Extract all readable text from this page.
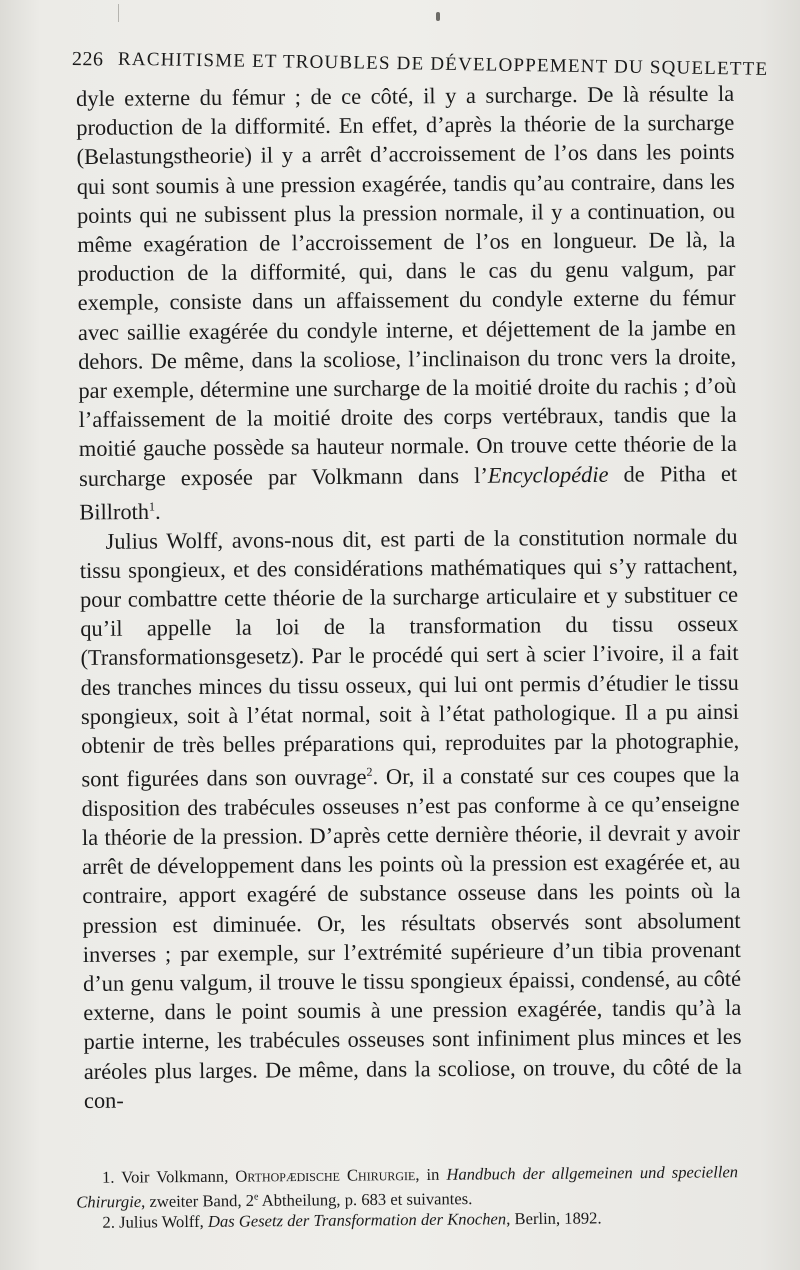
226 RACHITISME ET TROUBLES DE DÉVELOPPEMENT DU SQUELETTE

dyle externe du fémur ; de ce côté, il y a surcharge. De là résulte la production de la difformité. En effet, d’après la théorie de la surcharge (Belastungstheorie) il y a arrêt d’accroissement de l’os dans les points qui sont soumis à une pression exagérée, tandis qu’au contraire, dans les points qui ne subissent plus la pression normale, il y a continuation, ou même exagération de l’accroissement de l’os en longueur. De là, la production de la difformité, qui, dans le cas du genu valgum, par exemple, consiste dans un affaissement du condyle externe du fémur avec saillie exagérée du condyle interne, et déjettement de la jambe en dehors. De même, dans la scoliose, l’inclinaison du tronc vers la droite, par exemple, détermine une surcharge de la moitié droite du rachis ; d’où l’affaissement de la moitié droite des corps vertébraux, tandis que la moitié gauche possède sa hauteur normale. On trouve cette théorie de la surcharge exposée par Volkmann dans l’Encyclopédie de Pitha et Billroth$^1$.

Julius Wolff, avons-nous dit, est parti de la constitution normale du tissu spongieux, et des considérations mathématiques qui s’y rattachent, pour combattre cette théorie de la surcharge articulaire et y substituer ce qu’il appelle la loi de la transformation du tissu osseux (Transformationsgesetz). Par le procédé qui sert à scier l’ivoire, il a fait des tranches minces du tissu osseux, qui lui ont permis d’étudier le tissu spongieux, soit à l’état normal, soit à l’état pathologique. Il a pu ainsi obtenir de très belles préparations qui, reproduites par la photographie, sont figurées dans son ouvrage$^2$. Or, il a constaté sur ces coupes que la disposition des trabécules osseuses n’est pas conforme à ce qu’enseigne la théorie de la pression. D’après cette dernière théorie, il devrait y avoir arrêt de développement dans les points où la pression est exagérée et, au contraire, apport exagéré de substance osseuse dans les points où la pression est diminuée. Or, les résultats observés sont absolument inverses ; par exemple, sur l’extrémité supérieure d’un tibia provenant d’un genu valgum, il trouve le tissu spongieux épaissi, condensé, au côté externe, dans le point soumis à une pression exagérée, tandis qu’à la partie interne, les trabécules osseuses sont infiniment plus minces et les aréoles plus larges. De même, dans la scoliose, on trouve, du côté de la con-

1. Voir Volkmann, Orthopædische Chirurgie, in Handbuch der allgemeinen und speciellen Chirurgie, zweiter Band, 2e Abtheilung, p. 683 et suivantes.

2. Julius Wolff, Das Gesetz der Transformation der Knochen, Berlin, 1892.
